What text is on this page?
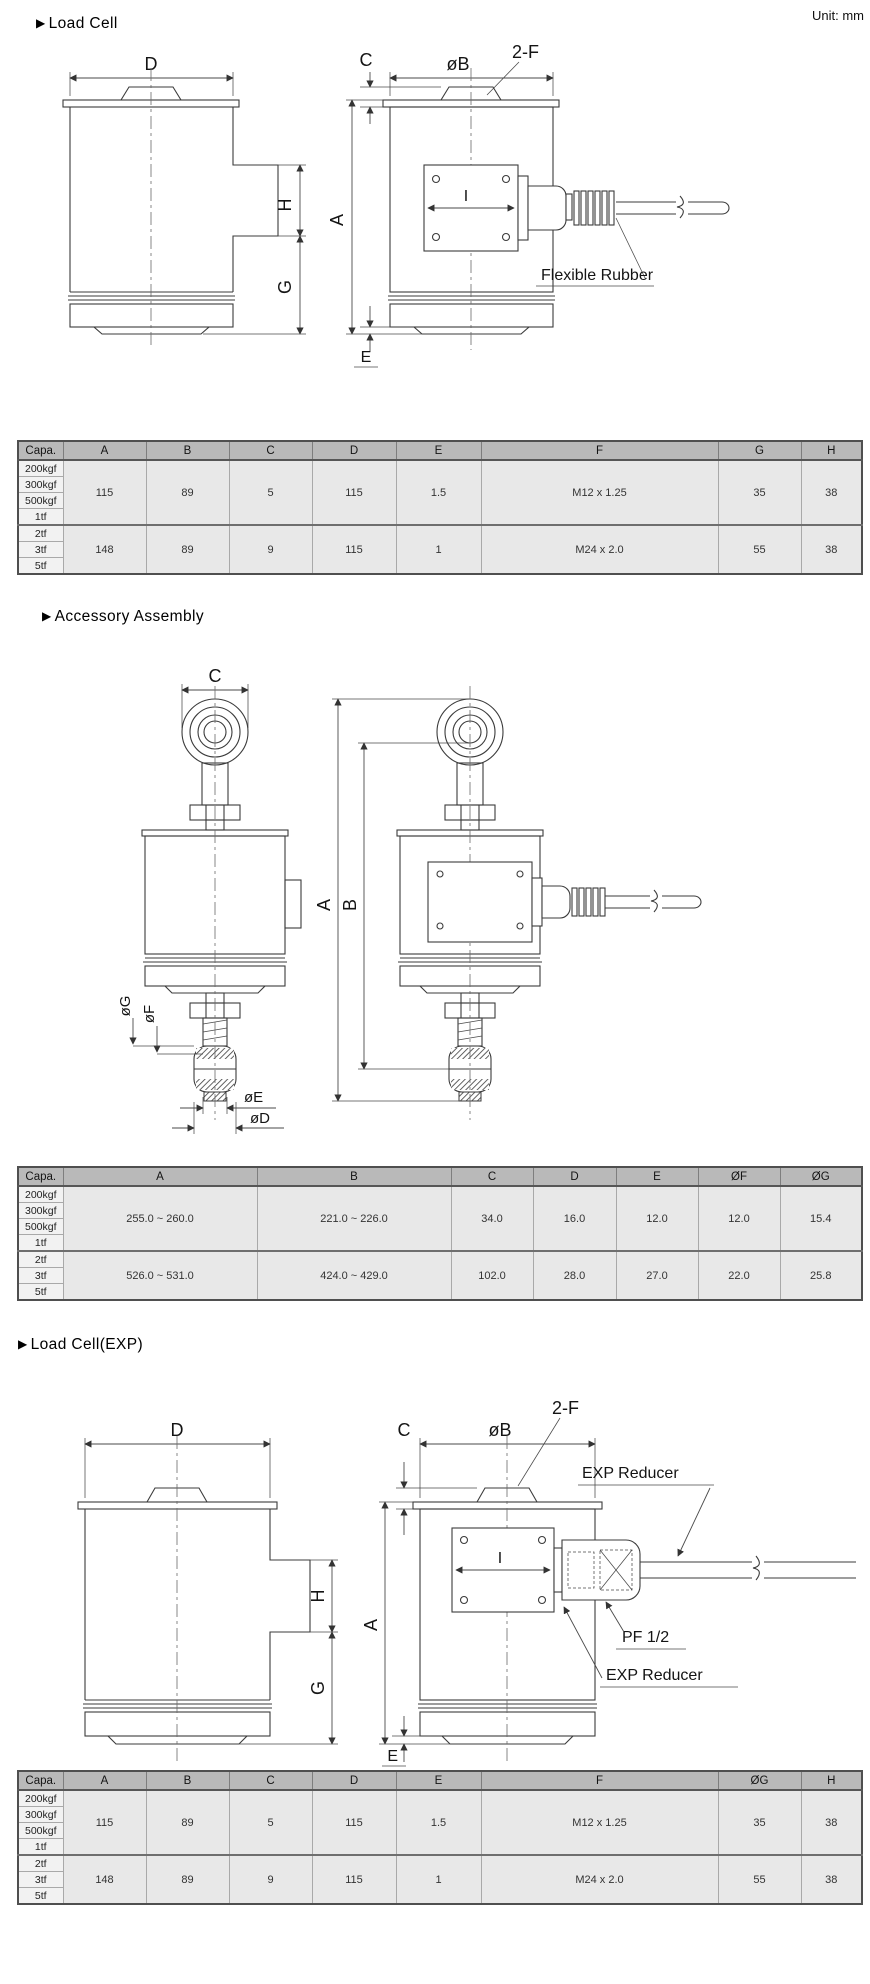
Unit: mm
▶ Load Cell
D
H
G
øB
2-F
C
A
E
I
Flexible Rubber
Capa.	A	B	C	D	E	F	G	H
200kgf	115	89	5	115	1.5	M12 x 1.25	35	38
300kgf								
500kgf								
1tf								
2tf	148	89	9	115	1	M24 x 2.0	55	38
3tf								
5tf								
▶ Accessory Assembly
C
øG øF
øE
øD
A B
Capa.	A	B	C	D	E	ØF	ØG
200kgf	255.0 ~ 260.0	221.0 ~ 226.0	34.0	16.0	12.0	12.0	15.4
300kgf							
500kgf							
1tf							
2tf	526.0 ~ 531.0	424.0 ~ 429.0	102.0	28.0	27.0	22.0	25.8
3tf							
5tf							
▶ Load Cell(EXP)
D
H
G
øB
2-F
C
A
E
I
EXP Reducer
PF 1/2
EXP Reducer
Capa.	A	B	C	D	E	F	ØG	H
200kgf	115	89	5	115	1.5	M12 x 1.25	35	38
300kgf								
500kgf								
1tf								
2tf	148	89	9	115	1	M24 x 2.0	55	38
3tf								
5tf								
